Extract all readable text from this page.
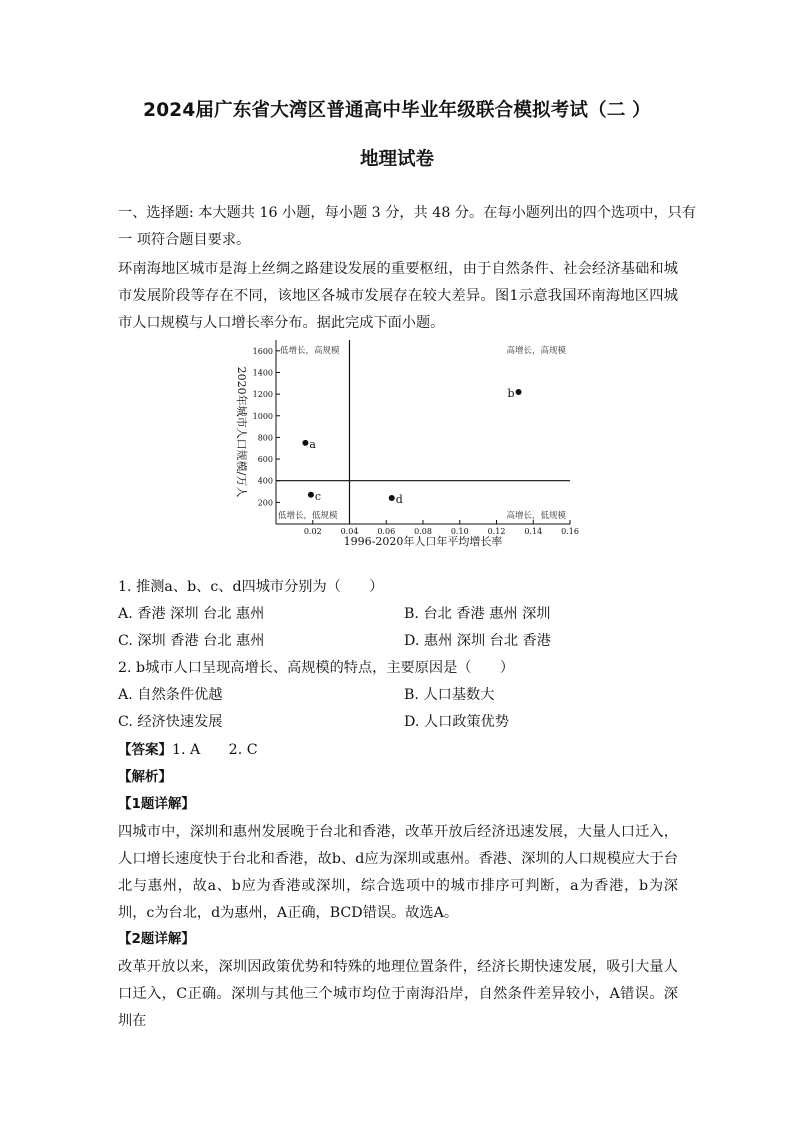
2024届广东省大湾区普通高中毕业年级联合模拟考试（二 ）
地理试卷
一、选择题: 本大题共 16 小题，每小题 3 分，共 48 分。在每小题列出的四个选项中，只有
一 项符合题目要求。
环南海地区城市是海上丝绸之路建设发展的重要枢纽，由于自然条件、社会经济基础和城市发展阶段等存在不同，该地区各城市发展存在较大差异。图1示意我国环南海地区四城市人口规模与人口增长率分布。据此完成下面小题。
0.02 0.04 0.06 0.08 0.10 0.12 0.14 0.16
200
400
600
800
1000
1200
1400
1600 低增长，高规模	高增长，高规模
低增长，低规模	高增长，低规模
a
b
c	d
1996-2020年人口年平均增长率
2020年城市人口规模/万人
1. 推测a、b、c、d四城市分别为（　　）
A. 香港 深圳 台北 惠州	B. 台北 香港 惠州 深圳
C. 深圳 香港 台北 惠州	D. 惠州 深圳 台北 香港
2. b城市人口呈现高增长、高规模的特点，主要原因是（　　）
A. 自然条件优越	B. 人口基数大
C. 经济快速发展	D. 人口政策优势
【答案】1. A　　2. C
【解析】
【1题详解】
四城市中，深圳和惠州发展晚于台北和香港，改革开放后经济迅速发展，大量人口迁入，人口增长速度快于台北和香港，故b、d应为深圳或惠州。香港、深圳的人口规模应大于台北与惠州，故a、b应为香港或深圳，综合选项中的城市排序可判断，a为香港，b为深圳，c为台北，d为惠州，A正确，BCD错误。故选A。
【2题详解】
改革开放以来，深圳因政策优势和特殊的地理位置条件，经济长期快速发展，吸引大量人口迁入，C正确。深圳与其他三个城市均位于南海沿岸，自然条件差异较小，A错误。深圳在
